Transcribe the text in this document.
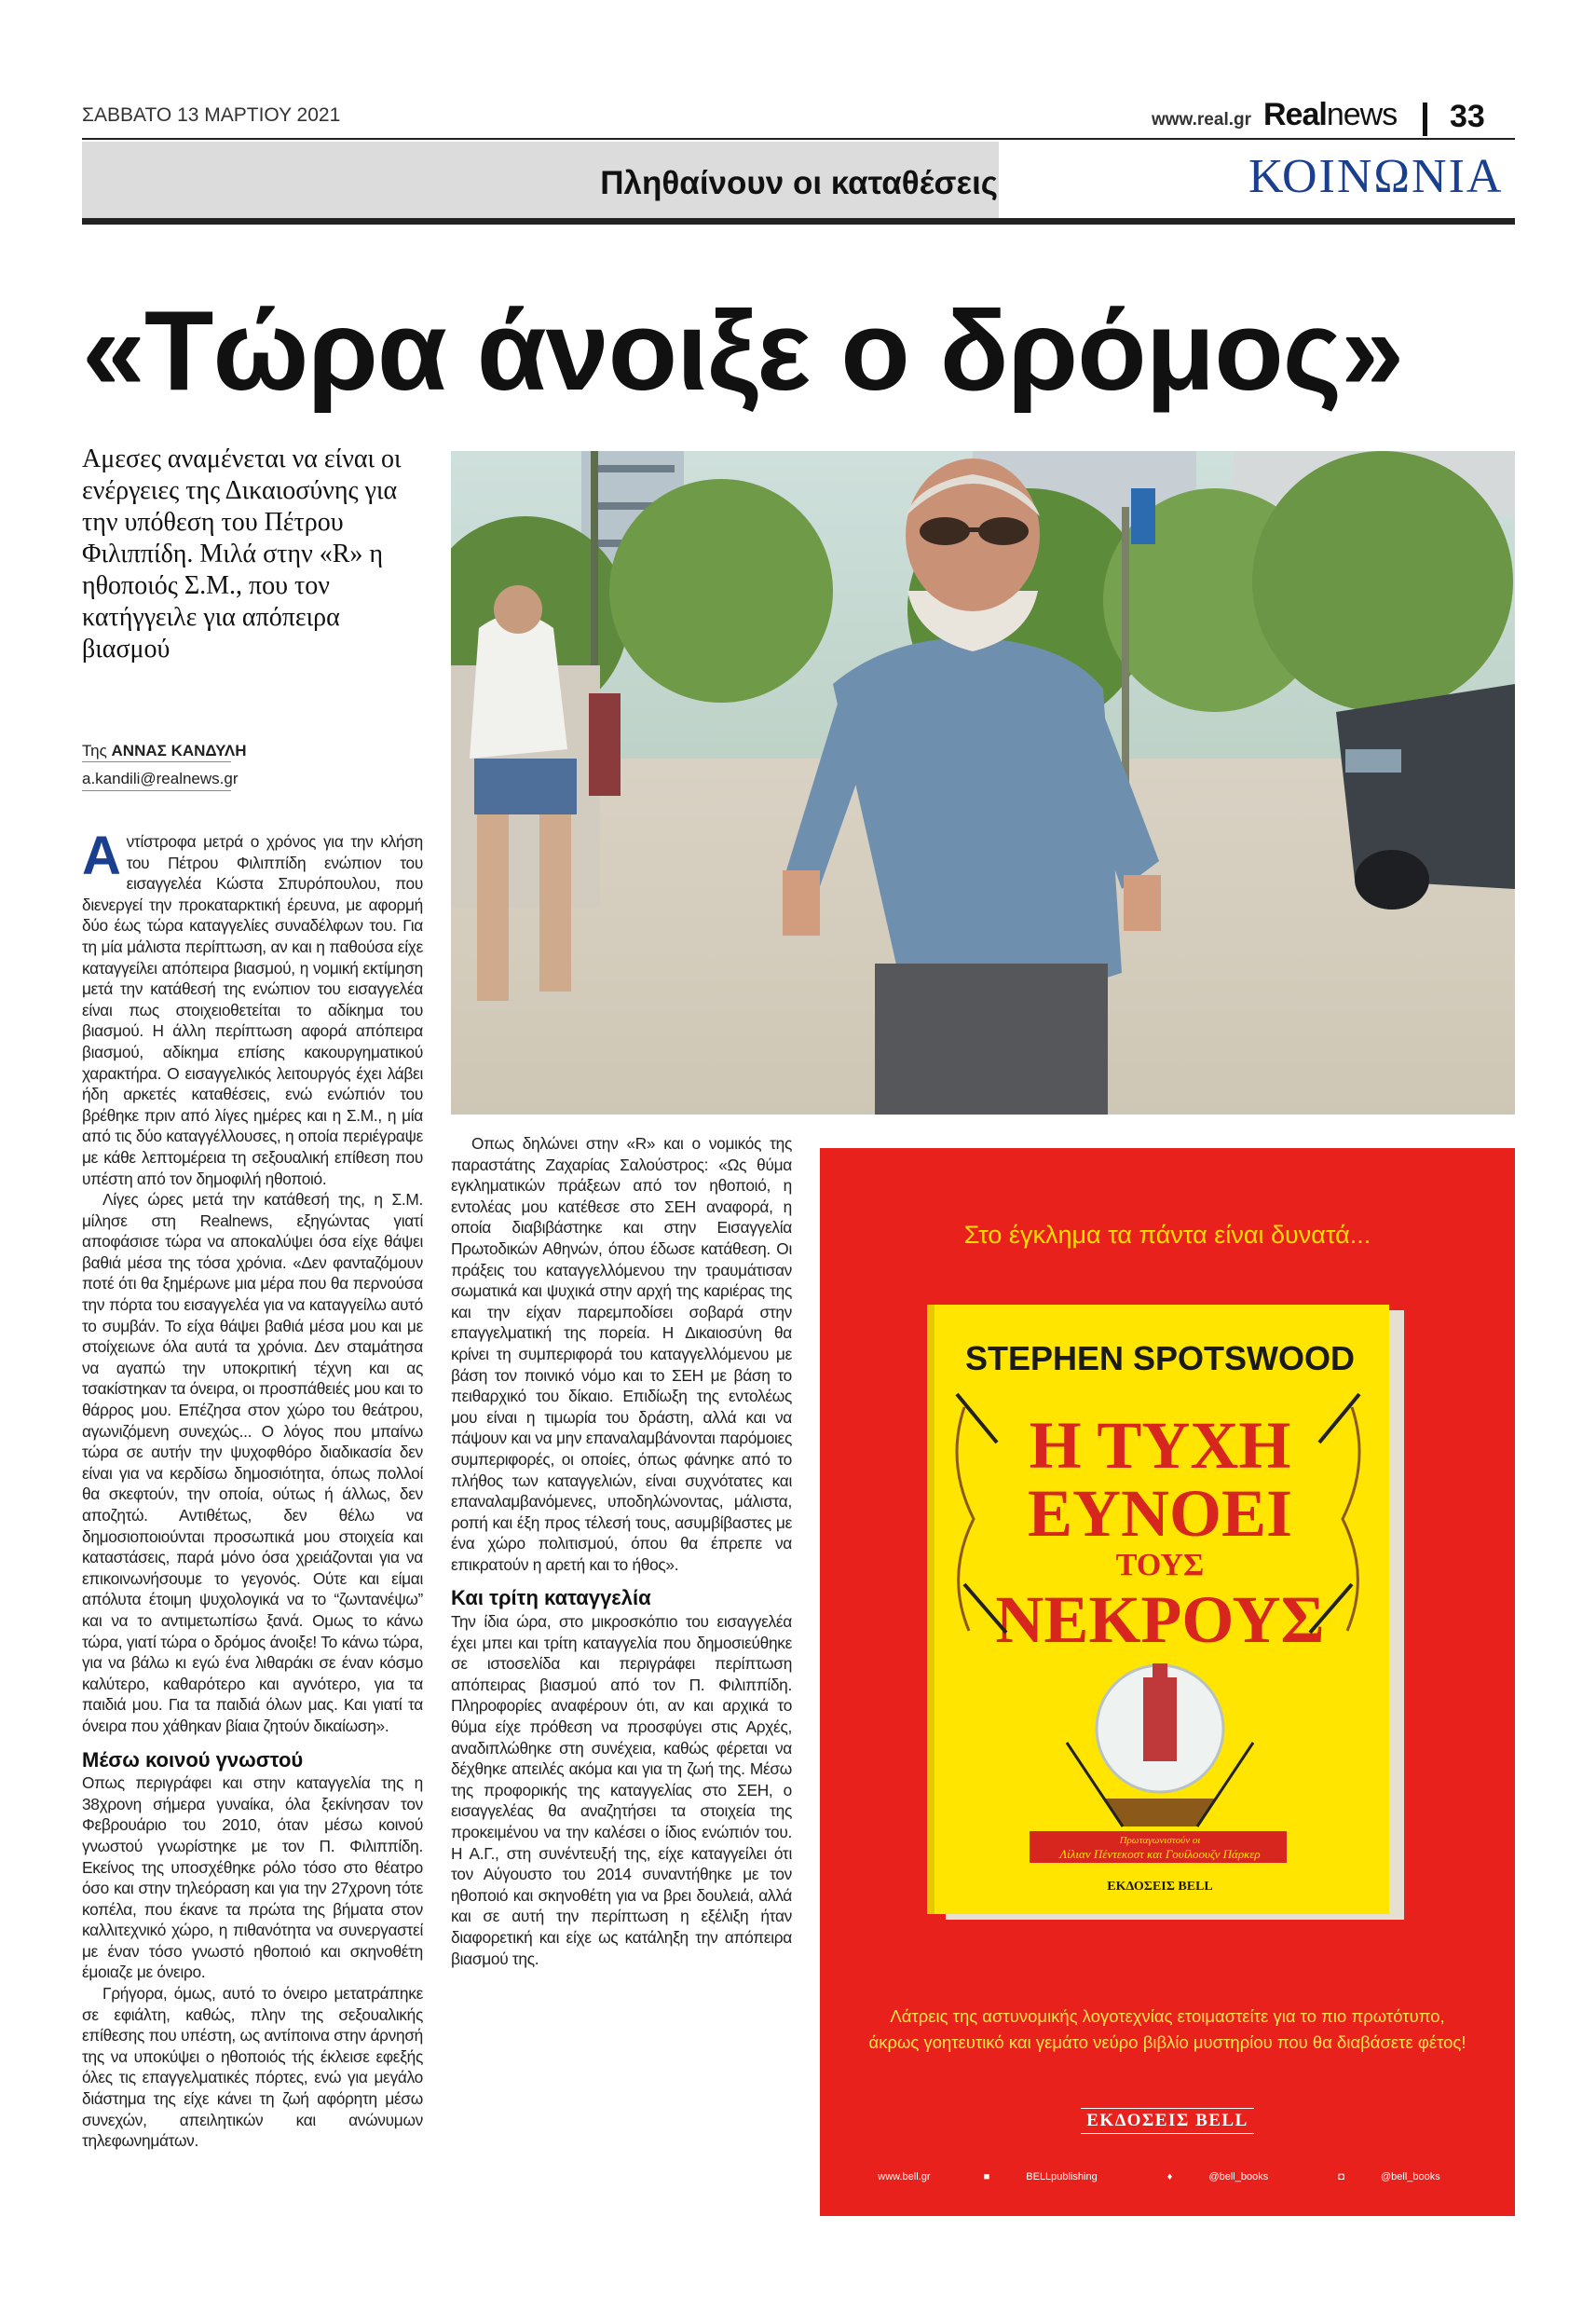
ΣΑΒΒΑΤΟ 13 ΜΑΡΤΙΟΥ 2021	www.real.gr Realnews 33
Πληθαίνουν οι καταθέσεις	ΚΟΙΝΩΝΙΑ
«Τώρα άνοιξε ο δρόμος»
Αμεσες αναμένεται να είναι οι ενέργειες της Δικαιοσύνης για την υπόθεση του Πέτρου Φιλιππίδη. Μιλά στην «R» η ηθοποιός Σ.Μ., που τον κατήγγειλε για απόπειρα βιασμού
Της ΑΝΝΑΣ ΚΑΝΔΥΛΗ
a.kandili@realnews.gr

Αντίστροφα μετρά ο χρόνος για την κλήση του Πέτρου Φιλιππίδη ενώπιον του εισαγγελέα Κώστα Σπυρόπουλου, που διενεργεί την προκαταρκτική έρευνα, με αφορμή δύο έως τώρα καταγγελίες συναδέλφων του. Για τη μία μάλιστα περίπτωση, αν και η παθούσα είχε καταγγείλει απόπειρα βιασμού, η νομική εκτίμηση μετά την κατάθεσή της ενώπιον του εισαγγελέα είναι πως στοιχειοθετείται το αδίκημα του βιασμού. Η άλλη περίπτωση αφορά απόπειρα βιασμού, αδίκημα επίσης κακουργηματικού χαρακτήρα. Ο εισαγγελικός λειτουργός έχει λάβει ήδη αρκετές καταθέσεις, ενώ ενώπιόν του βρέθηκε πριν από λίγες ημέρες και η Σ.Μ., η μία από τις δύο καταγγέλλουσες, η οποία περιέγραψε με κάθε λεπτομέρεια τη σεξουαλική επίθεση που υπέστη από τον δημοφιλή ηθοποιό.

Λίγες ώρες μετά την κατάθεσή της, η Σ.Μ. μίλησε στη Realnews, εξηγώντας γιατί αποφάσισε τώρα να αποκαλύψει όσα είχε θάψει βαθιά μέσα της τόσα χρόνια. «Δεν φανταζόμουν ποτέ ότι θα ξημέρωνε μια μέρα που θα περνούσα την πόρτα του εισαγγελέα για να καταγγείλω αυτό το συμβάν. Το είχα θάψει βαθιά μέσα μου και με στοίχειωνε όλα αυτά τα χρόνια. Δεν σταμάτησα να αγαπώ την υποκριτική τέχνη και ας τσακίστηκαν τα όνειρα, οι προσπάθειές μου και το θάρρος μου. Επέζησα στον χώρο του θεάτρου, αγωνιζόμενη συνεχώς... Ο λόγος που μπαίνω τώρα σε αυτήν την ψυχοφθόρο διαδικασία δεν είναι για να κερδίσω δημοσιότητα, όπως πολλοί θα σκεφτούν, την οποία, ούτως ή άλλως, δεν αποζητώ. Αντιθέτως, δεν θέλω να δημοσιοποιούνται προσωπικά μου στοιχεία και καταστάσεις, παρά μόνο όσα χρειάζονται για να επικοινωνήσουμε το γεγονός. Ούτε και είμαι απόλυτα έτοιμη ψυχολογικά να το “ζωντανέψω” και να το αντιμετωπίσω ξανά. Ομως το κάνω τώρα, γιατί τώρα ο δρόμος άνοιξε! Το κάνω τώρα, για να βάλω κι εγώ ένα λιθαράκι σε έναν κόσμο καλύτερο, καθαρότερο και αγνότερο, για τα παιδιά μου. Για τα παιδιά όλων μας. Και γιατί τα όνειρα που χάθηκαν βίαια ζητούν δικαίωση».

Μέσω κοινού γνωστού

Οπως περιγράφει και στην καταγγελία της η 38χρονη σήμερα γυναίκα, όλα ξεκίνησαν τον Φεβρουάριο του 2010, όταν μέσω κοινού γνωστού γνωρίστηκε με τον Π. Φιλιππίδη. Εκείνος της υποσχέθηκε ρόλο τόσο στο θέατρο όσο και στην τηλεόραση και για την 27χρονη τότε κοπέλα, που έκανε τα πρώτα της βήματα στον καλλιτεχνικό χώρο, η πιθανότητα να συνεργαστεί με έναν τόσο γνωστό ηθοποιό και σκηνοθέτη έμοιαζε με όνειρο.

Γρήγορα, όμως, αυτό το όνειρο μετατράπηκε σε εφιάλτη, καθώς, πλην της σεξουαλικής επίθεσης που υπέστη, ως αντίποινα στην άρνησή της να υποκύψει ο ηθοποιός τής έκλεισε εφεξής όλες τις επαγγελματικές πόρτες, ενώ για μεγάλο διάστημα της είχε κάνει τη ζωή αφόρητη μέσω συνεχών, απειλητικών και ανώνυμων τηλεφωνημάτων.

Οπως δηλώνει στην «R» και ο νομικός της παραστάτης Ζαχαρίας Σαλούστρος: «Ως θύμα εγκληματικών πράξεων από τον ηθοποιό, η εντολέας μου κατέθεσε στο ΣΕΗ αναφορά, η οποία διαβιβάστηκε και στην Εισαγγελία Πρωτοδικών Αθηνών, όπου έδωσε κατάθεση. Οι πράξεις του καταγγελλόμενου την τραυμάτισαν σωματικά και ψυχικά στην αρχή της καριέρας της και την είχαν παρεμποδίσει σοβαρά στην επαγγελματική της πορεία. Η Δικαιοσύνη θα κρίνει τη συμπεριφορά του καταγγελλόμενου με βάση τον ποινικό νόμο και το ΣΕΗ με βάση το πειθαρχικό του δίκαιο. Επιδίωξη της εντολέως μου είναι η τιμωρία του δράστη, αλλά και να πάψουν και να μην επαναλαμβάνονται παρόμοιες συμπεριφορές, οι οποίες, όπως φάνηκε από το πλήθος των καταγγελιών, είναι συχνότατες και επαναλαμβανόμενες, υποδηλώνοντας, μάλιστα, ροπή και έξη προς τέλεσή τους, ασυμβίβαστες με ένα χώρο πολιτισμού, όπου θα έπρεπε να επικρατούν η αρετή και το ήθος».

Και τρίτη καταγγελία

Την ίδια ώρα, στο μικροσκόπιο του εισαγγελέα έχει μπει και τρίτη καταγγελία που δημοσιεύθηκε σε ιστοσελίδα και περιγράφει περίπτωση απόπειρας βιασμού από τον Π. Φιλιππίδη. Πληροφορίες αναφέρουν ότι, αν και αρχικά το θύμα είχε πρόθεση να προσφύγει στις Αρχές, αναδιπλώθηκε στη συνέχεια, καθώς φέρεται να δέχθηκε απειλές ακόμα και για τη ζωή της. Μέσω της προφορικής της καταγγελίας στο ΣΕΗ, ο εισαγγελέας θα αναζητήσει τα στοιχεία της προκειμένου να την καλέσει ο ίδιος ενώπιόν του. Η Α.Γ., στη συνέντευξή της, είχε καταγγείλει ότι τον Αύγουστο του 2014 συναντήθηκε με τον ηθοποιό και σκηνοθέτη για να βρει δουλειά, αλλά και σε αυτή την περίπτωση η εξέλιξη ήταν διαφορετική και είχε ως κατάληξη την απόπειρα βιασμού της.

Στο έγκλημα τα πάντα είναι δυνατά...
STEPHEN SPOTSWOOD
Η ΤΥΧΗ
ΕΥΝΟΕΙ
ΤΟΥΣ
ΝΕΚΡΟΥΣ
Πρωταγωνιστούν οι
Λίλιαν Πέντεκοστ και Γουίλοουζν Πάρκερ
ΕΚΔΟΣΕΙΣ BELL
Λάτρεις της αστυνομικής λογοτεχνίας ετοιμαστείτε για το πιο πρωτότυπο,
άκρως γοητευτικό και γεμάτο νεύρο βιβλίο μυστηρίου που θα διαβάσετε φέτος!
ΕΚΔΟΣΕΙΣ BELL
www.bell.gr	■	BELLpublishing	♦	@bell_books	◘	@bell_books
